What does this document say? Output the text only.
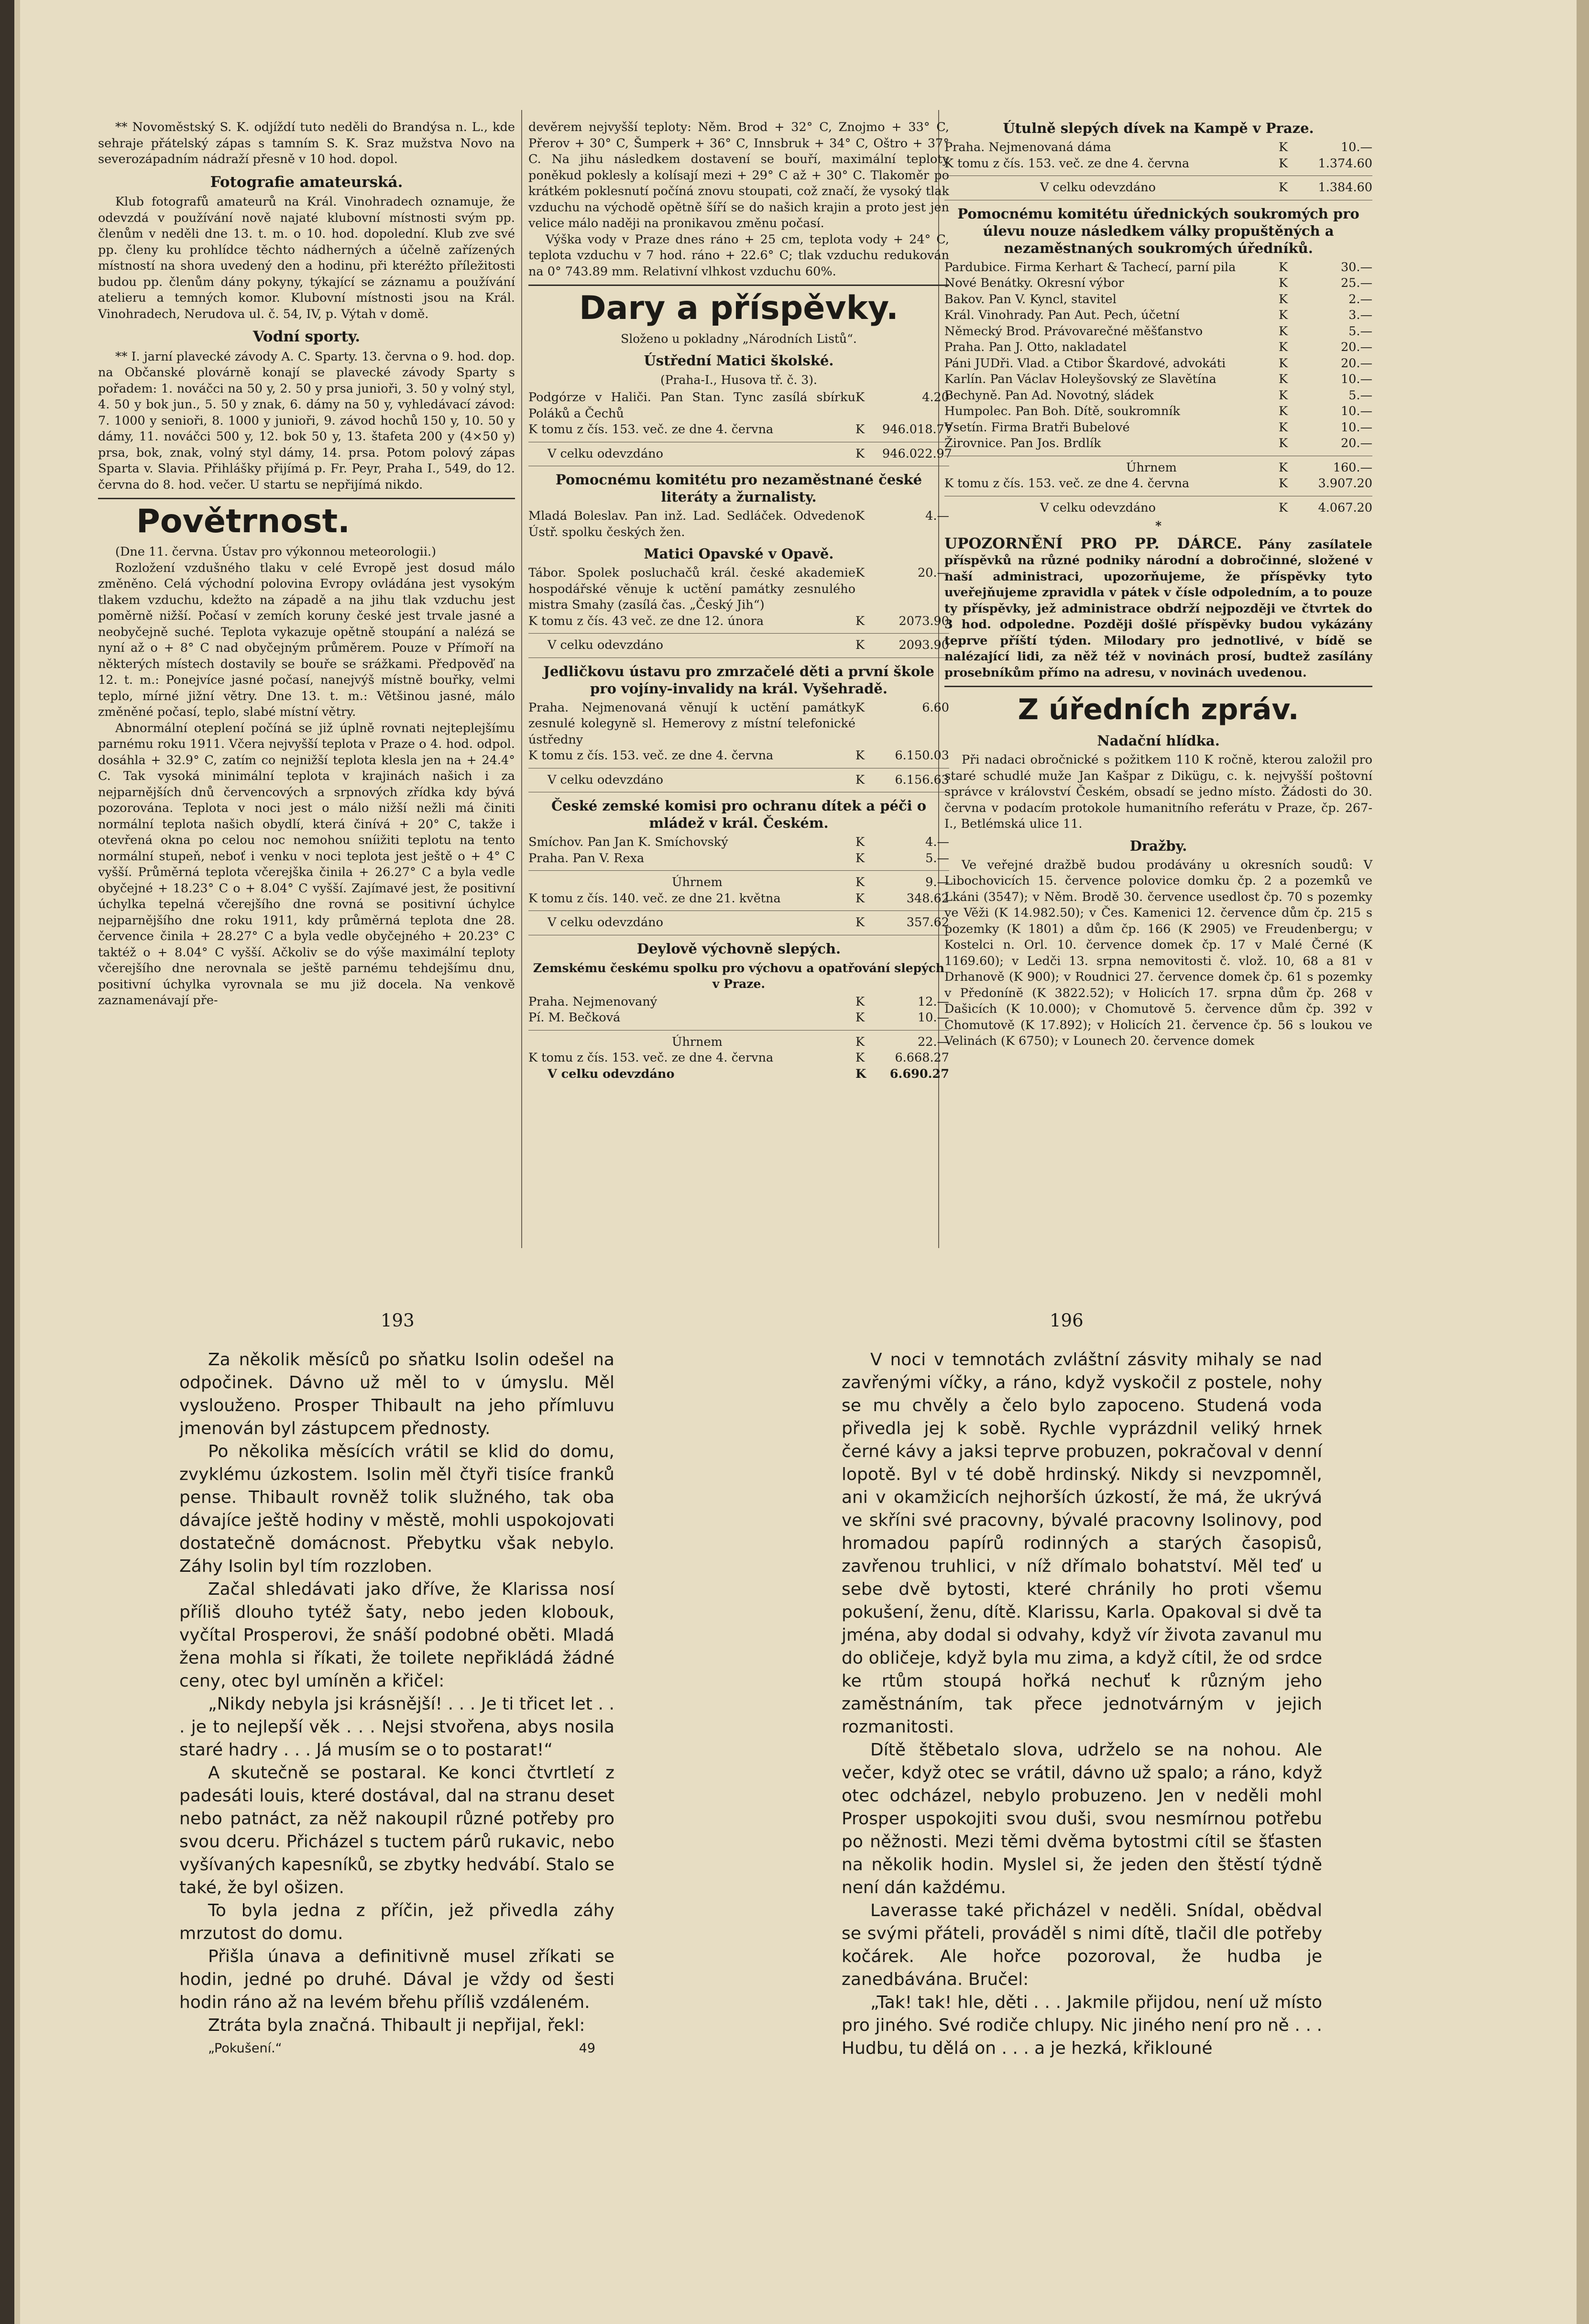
** Novoměstský S. K. odjíždí tuto neděli do Brandýsa n. L., kde sehraje přátelský zápas s tamním S. K. Sraz mužstva Novo na severozápadním nádraží přesně v 10 hod. dopol.

Fotografie amateurská.

Klub fotografů amateurů na Král. Vinohradech oznamuje, že odevzdá v používání nově najaté klubovní místnosti svým pp. členům v neděli dne 13. t. m. o 10. hod. dopolední. Klub zve své pp. členy ku prohlídce těchto nádherných a účelně zařízených místností na shora uvedený den a hodinu, při kteréžto příležitosti budou pp. členům dány pokyny, týkající se záznamu a používání atelieru a temných komor. Klubovní místnosti jsou na Král. Vinohradech, Nerudova ul. č. 54, IV, p. Výtah v domě.

Vodní sporty.

** I. jarní plavecké závody A. C. Sparty. 13. června o 9. hod. dop. na Občanské plovárně konají se plavecké závody Sparty s pořadem: 1. nováčci na 50 y, 2. 50 y prsa junioři, 3. 50 y volný styl, 4. 50 y bok jun., 5. 50 y znak, 6. dámy na 50 y, vyhledávací závod: 7. 1000 y senioři, 8. 1000 y junioři, 9. závod hochů 150 y, 10. 50 y dámy, 11. nováčci 500 y, 12. bok 50 y, 13. štafeta 200 y (4×50 y) prsa, bok, znak, volný styl dámy, 14. prsa. Potom polový zápas Sparta v. Slavia. Přihlášky přijímá p. Fr. Peyr, Praha I., 549, do 12. června do 8. hod. večer. U startu se nepřijímá nikdo.

Povětrnost.

(Dne 11. června. Ústav pro výkonnou meteorologii.)

Rozložení vzdušného tlaku v celé Evropě jest dosud málo změněno. Celá východní polovina Evropy ovládána jest vysokým tlakem vzduchu, kdežto na západě a na jihu tlak vzduchu jest poměrně nižší. Počasí v zemích koruny české jest trvale jasné a neobyčejně suché. Teplota vykazuje opětně stoupání a nalézá se nyní až o + 8° C nad obyčejným průměrem. Pouze v Přímoří na některých místech dostavily se bouře se srážkami. Předpověď na 12. t. m.: Ponejvíce jasné počasí, nanejvýš místně bouřky, velmi teplo, mírné jižní větry. Dne 13. t. m.: Většinou jasné, málo změněné počasí, teplo, slabé místní větry.

Abnormální oteplení počíná se již úplně rovnati nejteplejšímu parnému roku 1911. Včera nejvyšší teplota v Praze o 4. hod. odpol. dosáhla + 32.9° C, zatím co nejnižší teplota klesla jen na + 24.4° C. Tak vysoká minimální teplota v krajinách našich i za nejparnějších dnů červencových a srpnových zřídka kdy bývá pozorována. Teplota v noci jest o málo nižší nežli má činiti normální teplota našich obydlí, která činívá + 20° C, takže i otevřená okna po celou noc nemohou sníižiti teplotu na tento normální stupeň, neboť i venku v noci teplota jest ještě o + 4° C vyšší. Průměrná teplota včerejška činila + 26.27° C a byla vedle obyčejné + 18.23° C o + 8.04° C vyšší. Zajímavé jest, že positivní úchylka tepelná včerejšího dne rovná se positivní úchylce nejparnějšího dne roku 1911, kdy průměrná teplota dne 28. července činila + 28.27° C a byla vedle obyčejného + 20.23° C taktéž o + 8.04° C vyšší. Ačkoliv se do výše maximální teploty včerejšího dne nerovnala se ještě parnému tehdejšímu dnu, positivní úchylka vyrovnala se mu již docela. Na venkově zaznamenávají pře-

devěrem nejvyšší teploty: Něm. Brod + 32° C, Znojmo + 33° C, Přerov + 30° C, Šumperk + 36° C, Innsbruk + 34° C, Oštro + 37° C. Na jihu následkem dostavení se bouří, maximální teploty poněkud poklesly a kolísají mezi + 29° C až + 30° C. Tlakoměr po krátkém poklesnutí počíná znovu stoupati, což značí, že vysoký tlak vzduchu na východě opětně šíří se do našich krajin a proto jest jen velice málo naději na pronikavou změnu počasí.

Výška vody v Praze dnes ráno + 25 cm, teplota vody + 24° C, teplota vzduchu v 7 hod. ráno + 22.6° C; tlak vzduchu redukován na 0° 743.89 mm. Relativní vlhkost vzduchu 60%.

Dary a příspěvky.
Složeno u pokladny „Národních Listů“.
Ústřední Matici školské.
(Praha-I., Husova tř. č. 3).
Podgórze v Haliči. Pan Stan. Tync zasílá sbírku Poláků a Čechů
K	4.20
K tomu z čís. 153. več. ze dne 4. června	K	946.018.77
V celku odevzdáno	K	946.022.97
Pomocnému komitétu pro nezaměstnané české literáty a žurnalisty.
Mladá Boleslav. Pan inž. Lad. Sedláček. Odvedeno Ústř. spolku českých žen.
K	4.—
Matici Opavské v Opavě.
Tábor. Spolek posluchačů král. české akademie hospodářské věnuje k uctění památky zesnulého mistra Smahy (zasílá čas. „Český Jih“)
K	20.—
K tomu z čís. 43 več. ze dne 12. února	K	2073.90
V celku odevzdáno	K	2093.90
Jedličkovu ústavu pro zmrzačelé děti a první škole pro vojíny-invalidy na král. Vyšehradě.
Praha. Nejmenovaná věnují k uctění památky zesnulé kolegyně sl. Hemerovy z místní telefonické ústředny
K	6.60
K tomu z čís. 153. več. ze dne 4. června	K	6.150.03
V celku odevzdáno	K	6.156.63
České zemské komisi pro ochranu dítek a péči o mládež v král. Českém.
Smíchov. Pan Jan K. Smíchovský	K	4.—
Praha. Pan V. Rexa	K	5.—
Úhrnem	K	9.—
K tomu z čís. 140. več. ze dne 21. května	K	348.62
V celku odevzdáno	K	357.62
Deylově výchovně slepých.
Zemskému českému spolku pro výchovu a opatřování slepých v Praze.
Praha. Nejmenovaný	K	12.—
Pí. M. Bečková	K	10.—
Úhrnem	K	22.—
K tomu z čís. 153. več. ze dne 4. června	K	6.668.27
V celku odevzdáno	K	6.690.27
Útulně slepých dívek na Kampě v Praze.
Praha. Nejmenovaná dáma	K	10.—
K tomu z čís. 153. več. ze dne 4. června	K	1.374.60
V celku odevzdáno	K	1.384.60
Pomocnému komitétu úřednických soukromých pro úlevu nouze následkem války propuštěných a nezaměstnaných soukromých úředníků.
Pardubice. Firma Kerhart & Tachecí, parní pila	K	30.—
Nové Benátky. Okresní výbor	K	25.—
Bakov. Pan V. Kyncl, stavitel	K	2.—
Král. Vinohrady. Pan Aut. Pech, účetní	K	3.—
Německý Brod. Právovarečné měšťanstvo	K	5.—
Praha. Pan J. Otto, nakladatel	K	20.—
Páni JUDři. Vlad. a Ctibor Škardové, advokáti	K	20.—
Karlín. Pan Václav Holeyšovský ze Slavětína	K	10.—
Bechyně. Pan Ad. Novotný, sládek	K	5.—
Humpolec. Pan Boh. Dítě, soukromník	K	10.—
Vsetín. Firma Bratři Bubelové	K	10.—
Žirovnice. Pan Jos. Brdlík	K	20.—
Úhrnem	K	160.—
K tomu z čís. 153. več. ze dne 4. června	K	3.907.20
V celku odevzdáno	K	4.067.20
*

UPOZORNĚNÍ PRO PP. DÁRCE. Pány zasílatele příspěvků na různé podniky národní a dobročinné, složené v naší administraci, upozorňujeme, že příspěvky tyto uveřejňujeme zpravidla v pátek v čísle odpoledním, a to pouze ty příspěvky, jež administrace obdrží nejpozději ve čtvrtek do 3 hod. odpoledne. Později došlé příspěvky budou vykázány teprve příští týden. Milodary pro jednotlivé, v bídě se nalézající lidi, za něž též v novinách prosí, budtež zasílány prosebníkům přímo na adresu, v novinách uvedenou.

Z úředních zpráv.
Nadační hlídka.

Při nadaci obročnické s požitkem 110 K ročně, kterou založil pro staré schudlé muže Jan Kašpar z Dikügu, c. k. nejvyšší poštovní správce v království Českém, obsadí se jedno místo. Žádosti do 30. června v podacím protokole humanitního referátu v Praze, čp. 267-I., Betlémská ulice 11.

Dražby.

Ve veřejné dražbě budou prodávány u okresních soudů: V Libochovicích 15. července polovice domku čp. 2 a pozemků ve Lkáni (3547); v Něm. Brodě 30. července usedlost čp. 70 s pozemky ve Věži (K 14.982.50); v Čes. Kamenici 12. července dům čp. 215 s pozemky (K 1801) a dům čp. 166 (K 2905) ve Freudenbergu; v Kostelci n. Orl. 10. července domek čp. 17 v Malé Černé (K 1169.60); v Ledči 13. srpna nemovitosti č. vlož. 10, 68 a 81 v Drhanově (K 900); v Roudnici 27. července domek čp. 61 s pozemky v Předonínĕ (K 3822.52); v Holicích 17. srpna dům čp. 268 v Dašicích (K 10.000); v Chomutově 5. července dům čp. 392 v Chomutově (K 17.892); v Holicích 21. července čp. 56 s loukou ve Velinách (K 6750); v Lounech 20. července domek

193	196

Za několik měsíců po sňatku Isolin odešel na odpočinek. Dávno už měl to v úmyslu. Měl vyslouženo. Prosper Thibault na jeho přímluvu jmenován byl zástupcem přednosty.

Po několika měsících vrátil se klid do domu, zvyklému úzkostem. Isolin měl čtyři tisíce franků pense. Thibault rovněž tolik služného, tak oba dávajíce ještě hodiny v městě, mohli uspokojovati dostatečně domácnost. Přebytku však nebylo. Záhy Isolin byl tím rozzloben.

Začal shledávati jako dříve, že Klarissa nosí příliš dlouho tytéž šaty, nebo jeden klobouk, vyčítal Prosperovi, že snáší podobné oběti. Mladá žena mohla si říkati, že toilete nepřikládá žádné ceny, otec byl umíněn a křičel:

„Nikdy nebyla jsi krásnější! . . . Je ti třicet let . . . je to nejlepší věk . . . Nejsi stvořena, abys nosila staré hadry . . . Já musím se o to postarat!“

A skutečně se postaral. Ke konci čtvrtletí z padesáti louis, které dostával, dal na stranu deset nebo patnáct, za něž nakoupil různé potřeby pro svou dceru. Přicházel s tuctem párů rukavic, nebo vyšívaných kapesníků, se zbytky hedvábí. Stalo se také, že byl ošizen.

To byla jedna z příčin, jež přivedla záhy mrzutost do domu.

Přišla únava a definitivně musel zříkati se hodin, jedné po druhé. Dával je vždy od šesti hodin ráno až na levém břehu příliš vzdáleném.

Ztráta byla značná. Thibault ji nepřijal, řekl:

„Pokušení.“	49

V noci v temnotách zvláštní zásvity mihaly se nad zavřenými víčky, a ráno, když vyskočil z postele, nohy se mu chvěly a čelo bylo zapoceno. Studená voda přivedla jej k sobě. Rychle vyprázdnil veliký hrnek černé kávy a jaksi teprve probuzen, pokračoval v denní lopotě. Byl v té době hrdinský. Nikdy si nevzpomněl, ani v okamžicích nejhorších úzkostí, že má, že ukrývá ve skříni své pracovny, bývalé pracovny Isolinovy, pod hromadou papírů rodinných a starých časopisů, zavřenou truhlici, v níž dřímalo bohatství. Měl teď u sebe dvě bytosti, které chránily ho proti všemu pokušení, ženu, dítě. Klarissu, Karla. Opakoval si dvě ta jména, aby dodal si odvahy, když vír života zavanul mu do obličeje, když byla mu zima, a když cítil, že od srdce ke rtům stoupá hořká nechuť k různým jeho zaměstnáním, tak přece jednotvárným v jejich rozmanitosti.

Dítě štěbetalo slova, udrželo se na nohou. Ale večer, když otec se vrátil, dávno už spalo; a ráno, když otec odcházel, nebylo probuzeno. Jen v neděli mohl Prosper uspokojiti svou duši, svou nesmírnou potřebu po něžnosti. Mezi těmi dvěma bytostmi cítil se šťasten na několik hodin. Myslel si, že jeden den štěstí týdně není dán každému.

Laverasse také přicházel v neděli. Snídal, obědval se svými přáteli, prováděl s nimi dítě, tlačil dle potřeby kočárek. Ale hořce pozoroval, že hudba je zanedbávána. Bručel:

„Tak! tak! hle, děti . . . Jakmile přijdou, není už místo pro jiného. Své rodiče chlupy. Nic jiného není pro ně . . . Hudbu, tu dělá on . . . a je hezká, křiklouné
